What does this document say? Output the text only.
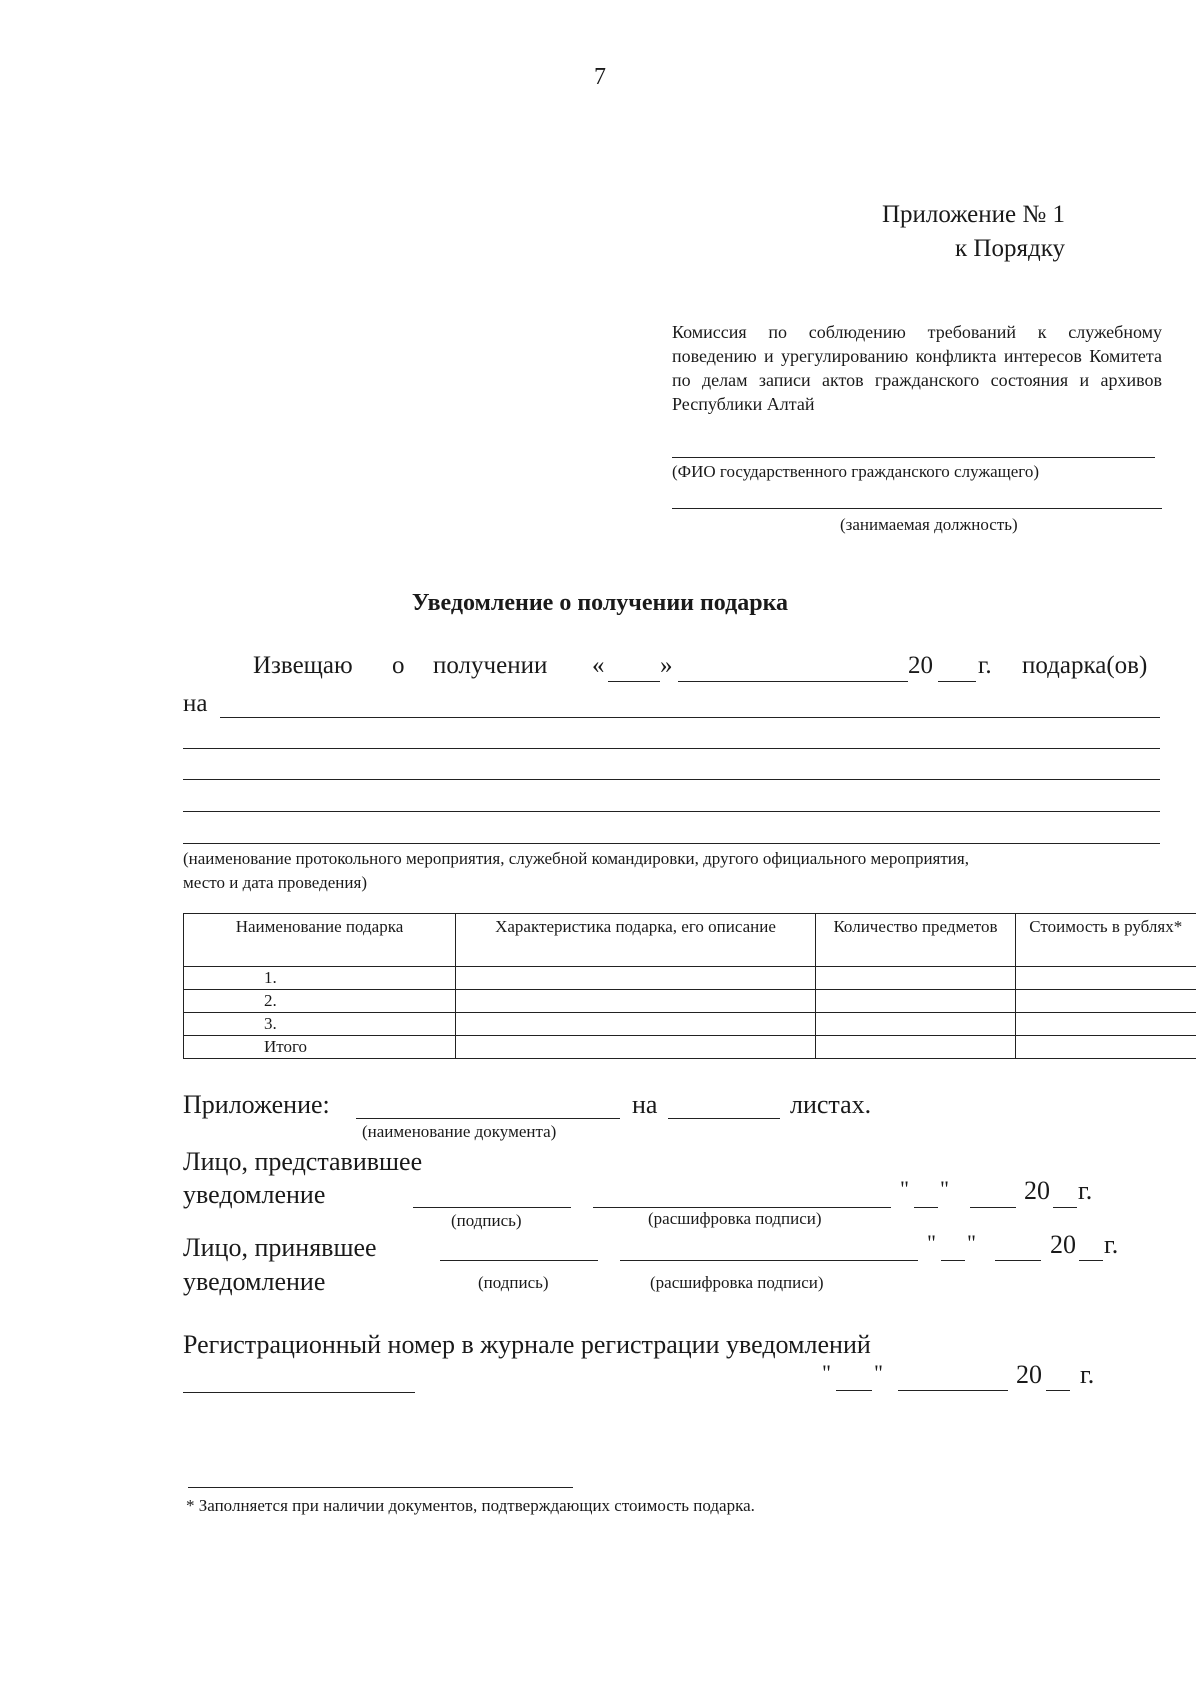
7
Приложение № 1
к Порядку
Комиссия по соблюдению требований к служебному поведению и урегулированию конфликта интересов Комитета по делам записи актов гражданского состояния и архивов Республики Алтай
(ФИО государственного гражданского служащего)
(занимаемая должность)
Уведомление о получении подарка
Извещаю о получении « »	20 г. подарка(ов)
на
(наименование протокольного мероприятия, служебной командировки, другого официального мероприятия,
место и дата проведения)
Наименование подарка	Характеристика подарка, его описание	Количество предметов	Стоимость в рублях*
1.			
2.			
3.			
Итого			
Приложение:	на	листах.
(наименование документа)
Лицо, представившее
уведомление	" "	20 г.
(подпись)	(расшифровка подписи)
Лицо, принявшее
уведомление
" "	20 г.
(подпись)	(расшифровка подписи)
Регистрационный номер в журнале регистрации уведомлений
" "	20 г.
* Заполняется при наличии документов, подтверждающих стоимость подарка.
